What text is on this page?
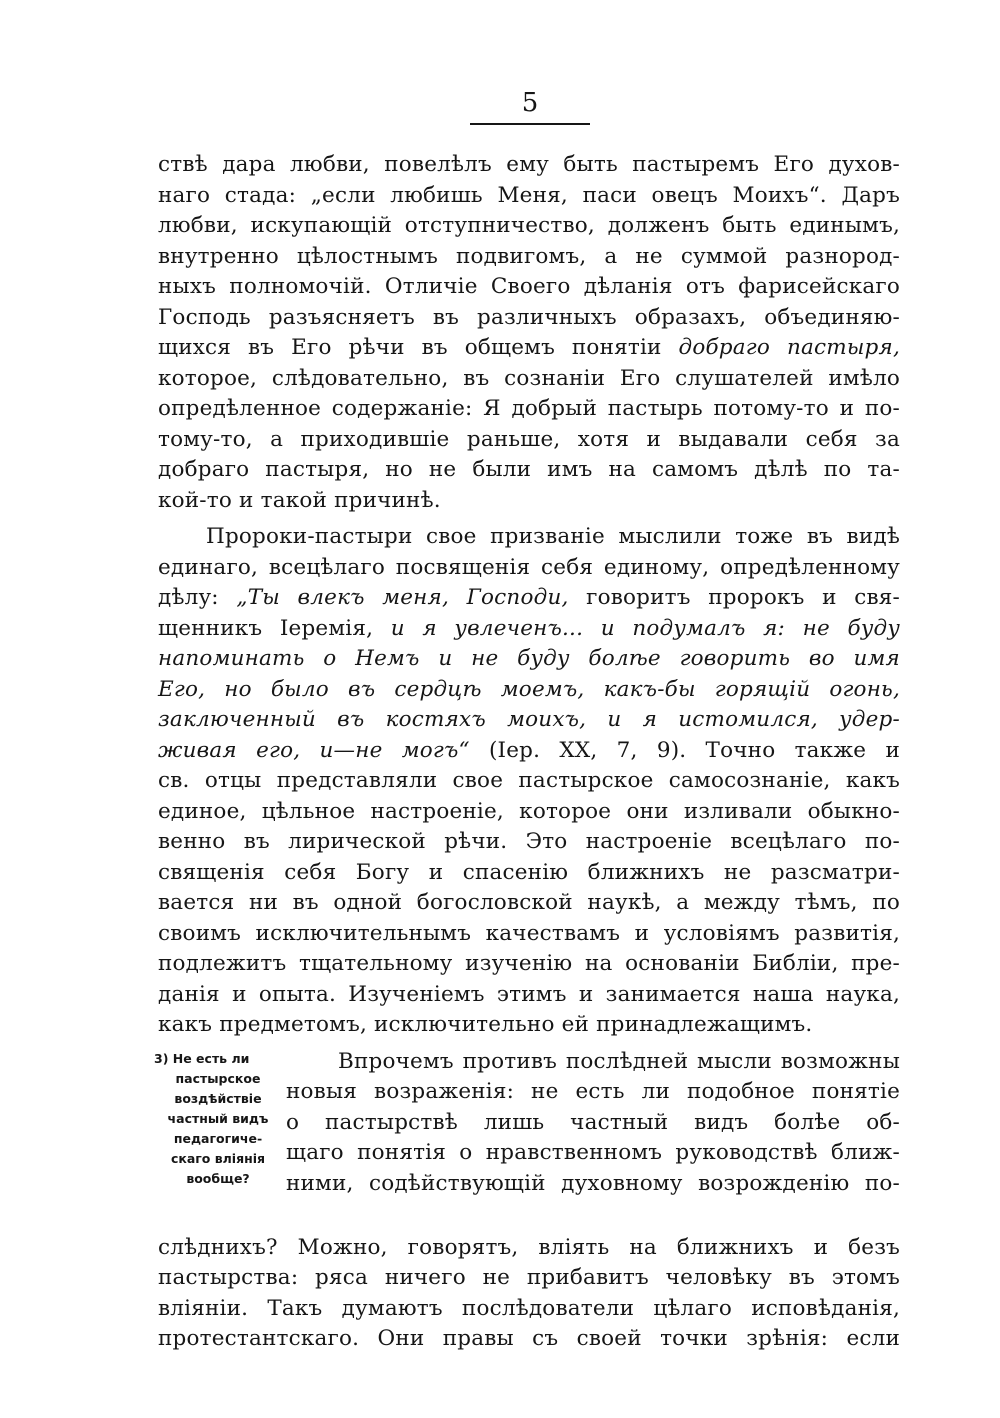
5
ствѣ дара любви, повелѣлъ ему быть пастыремъ Его духов-
наго стада: „если любишь Меня, паси овецъ Моихъ“. Даръ
любви, искупающій отступничество, долженъ быть единымъ,
внутренно цѣлостнымъ подвигомъ, а не суммой разнород-
ныхъ полномочій. Отличіе Своего дѣланія отъ фарисейскаго
Господь разъясняетъ въ различныхъ образахъ, объединяю-
щихся въ Его рѣчи въ общемъ понятіи добраго пастыря,
которое, слѣдовательно, въ сознаніи Его слушателей имѣло
опредѣленное содержаніе: Я добрый пастырь потому-то и по-
тому-то, а приходившіе раньше, хотя и выдавали себя за
добраго пастыря, но не были имъ на самомъ дѣлѣ по та-
кой-то и такой причинѣ.
Пророки-пастыри свое призваніе мыслили тоже въ видѣ
единаго, всецѣлаго посвященія себя единому, опредѣленному
дѣлу: „Ты влекъ меня, Господи, говоритъ пророкъ и свя-
щенникъ Іеремія, и я увлеченъ... и подумалъ я: не буду
напоминать о Немъ и не буду болѣе говорить во имя
Его, но было въ сердцѣ моемъ, какъ-бы горящій огонь,
заключенный въ костяхъ моихъ, и я истомился, удер-
живая его, и—не могъ“ (Іер. XX, 7, 9). Точно также и
св. отцы представляли свое пастырское самосознаніе, какъ
единое, цѣльное настроеніе, которое они изливали обыкно-
венно въ лирической рѣчи. Это настроеніе всецѣлаго по-
священія себя Богу и спасенію ближнихъ не разсматри-
вается ни въ одной богословской наукѣ, а между тѣмъ, по
своимъ исключительнымъ качествамъ и условіямъ развитія,
подлежитъ тщательному изученію на основаніи Библіи, пре-
данія и опыта. Изученіемъ этимъ и занимается наша наука,
какъ предметомъ, исключительно ей принадлежащимъ.
3) Не есть ли
пастырское
воздѣйствіе
частный видъ
педагогиче-
скаго вліянія
вообще?
Впрочемъ противъ послѣдней мысли возможны
новыя возраженія: не есть ли подобное понятіе
о пастырствѣ лишь частный видъ болѣе об-
щаго понятія о нравственномъ руководствѣ ближ-
ними, содѣйствующій духовному возрожденію по-
слѣднихъ? Можно, говорятъ, вліять на ближнихъ и безъ
пастырства: ряса ничего не прибавитъ человѣку въ этомъ
вліяніи. Такъ думаютъ послѣдователи цѣлаго исповѣданія,
протестантскаго. Они правы съ своей точки зрѣнія: если
